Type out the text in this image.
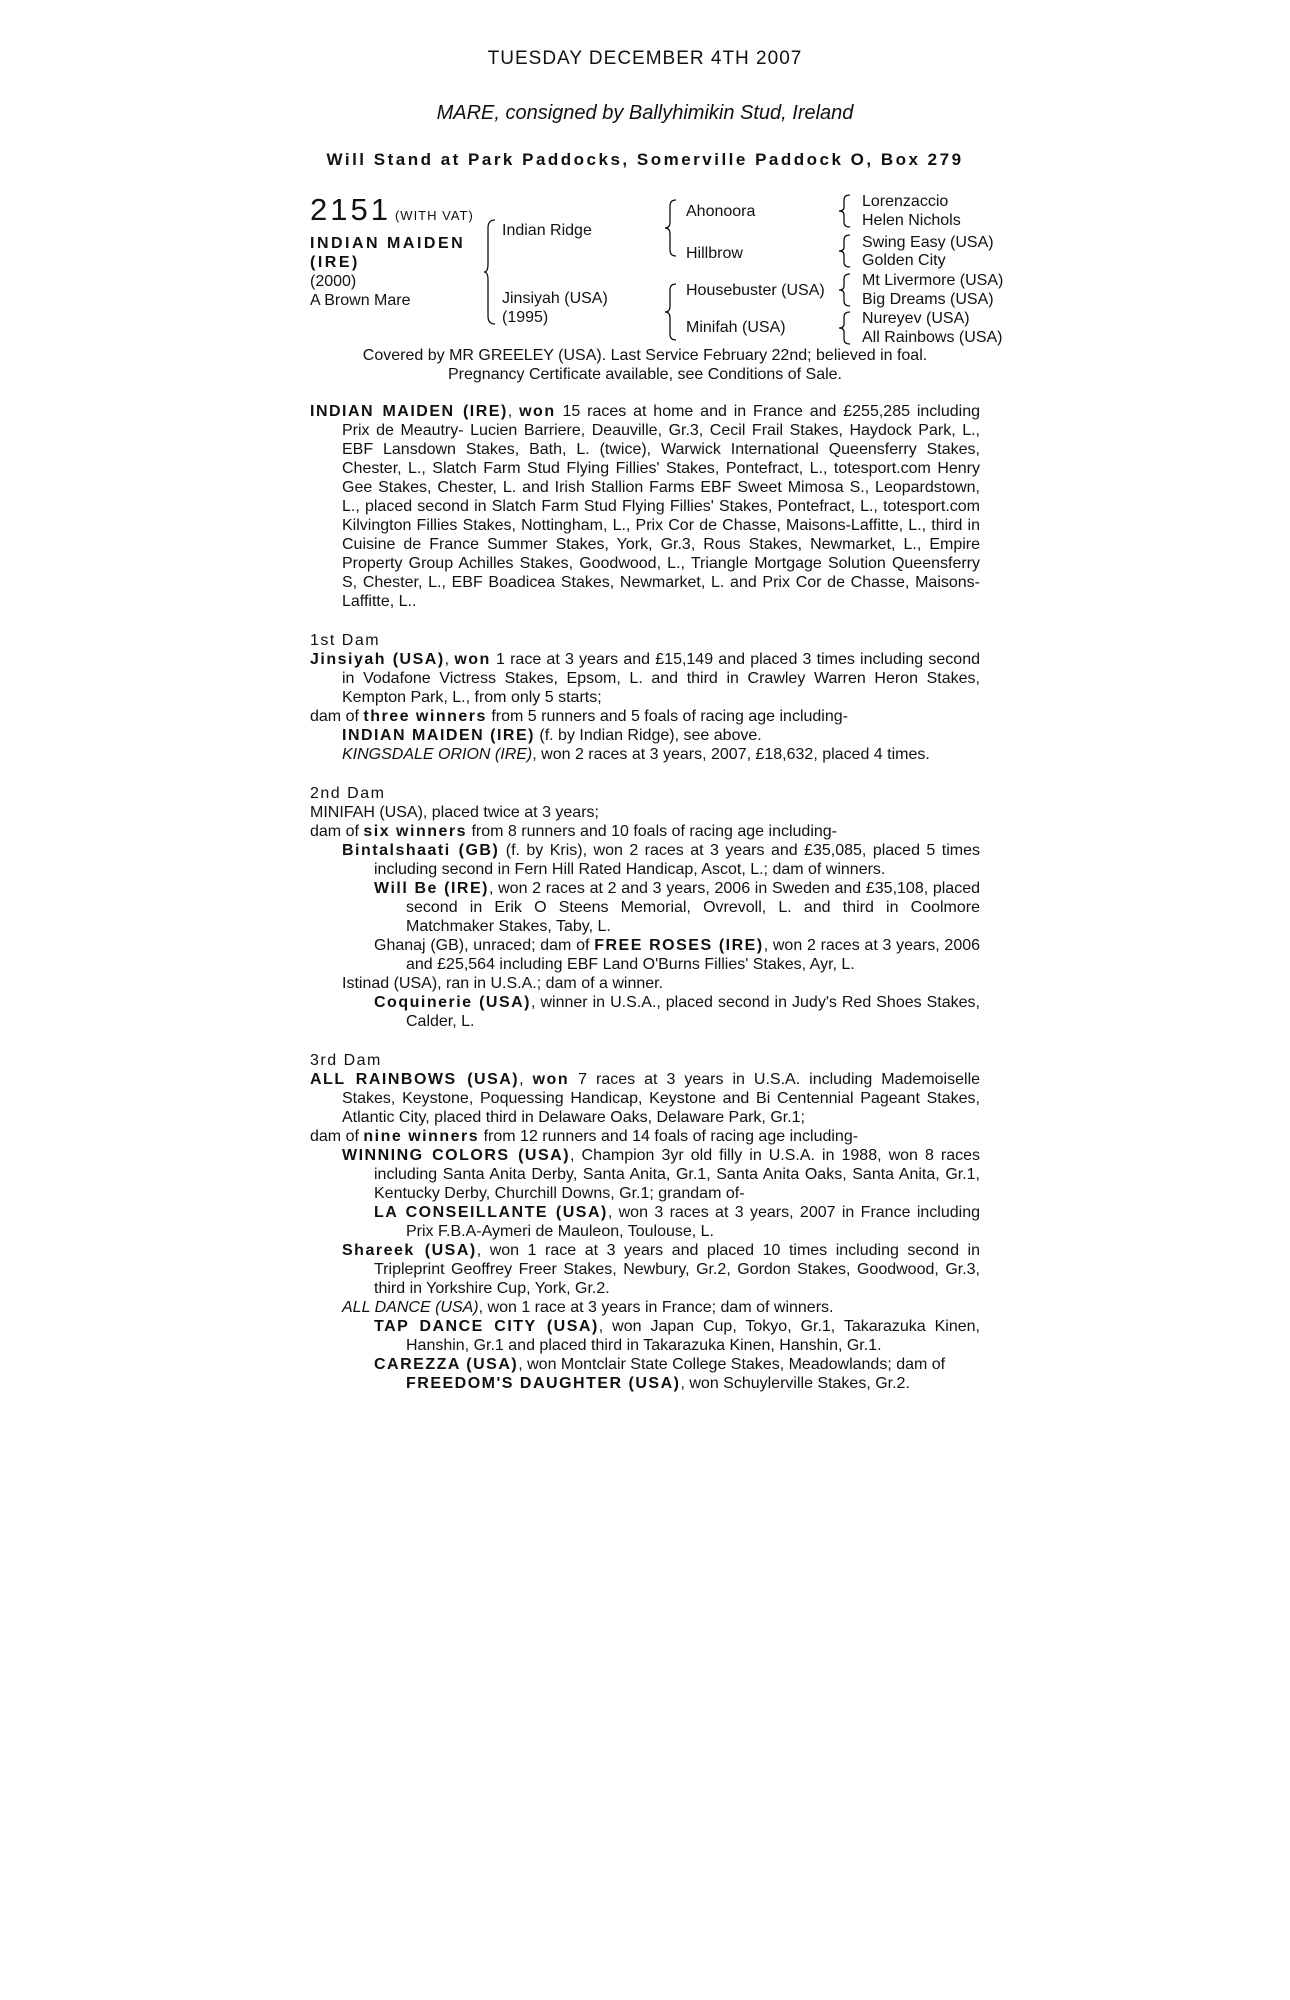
TUESDAY DECEMBER 4TH 2007
MARE, consigned by Ballyhimikin Stud, Ireland
Will Stand at Park Paddocks, Somerville Paddock O, Box 279
2151 (WITH VAT)
INDIAN MAIDEN
(IRE)
(2000)
A Brown Mare
Indian Ridge
Jinsiyah (USA)
(1995)
Ahonoora
Hillbrow
Housebuster (USA)
Minifah (USA)
Lorenzaccio
Helen Nichols
Swing Easy (USA)
Golden City
Mt Livermore (USA)
Big Dreams (USA)
Nureyev (USA)
All Rainbows (USA)
Covered by MR GREELEY (USA). Last Service February 22nd; believed in foal.
Pregnancy Certificate available, see Conditions of Sale.

INDIAN MAIDEN (IRE), won 15 races at home and in France and £255,285 including Prix de Meautry- Lucien Barriere, Deauville, Gr.3, Cecil Frail Stakes, Haydock Park, L., EBF Lansdown Stakes, Bath, L. (twice), Warwick International Queensferry Stakes, Chester, L., Slatch Farm Stud Flying Fillies' Stakes, Pontefract, L., totesport.com Henry Gee Stakes, Chester, L. and Irish Stallion Farms EBF Sweet Mimosa S., Leopardstown, L., placed second in Slatch Farm Stud Flying Fillies' Stakes, Pontefract, L., totesport.com Kilvington Fillies Stakes, Nottingham, L., Prix Cor de Chasse, Maisons-Laffitte, L., third in Cuisine de France Summer Stakes, York, Gr.3, Rous Stakes, Newmarket, L., Empire Property Group Achilles Stakes, Goodwood, L., Triangle Mortgage Solution Queensferry S, Chester, L., EBF Boadicea Stakes, Newmarket, L. and Prix Cor de Chasse, Maisons-Laffitte, L..

1st Dam

Jinsiyah (USA), won 1 race at 3 years and £15,149 and placed 3 times including second in Vodafone Victress Stakes, Epsom, L. and third in Crawley Warren Heron Stakes, Kempton Park, L., from only 5 starts;

dam of three winners from 5 runners and 5 foals of racing age including-

INDIAN MAIDEN (IRE) (f. by Indian Ridge), see above.

KINGSDALE ORION (IRE), won 2 races at 3 years, 2007, £18,632, placed 4 times.

2nd Dam

MINIFAH (USA), placed twice at 3 years;

dam of six winners from 8 runners and 10 foals of racing age including-

Bintalshaati (GB) (f. by Kris), won 2 races at 3 years and £35,085, placed 5 times including second in Fern Hill Rated Handicap, Ascot, L.; dam of winners.

Will Be (IRE), won 2 races at 2 and 3 years, 2006 in Sweden and £35,108, placed second in Erik O Steens Memorial, Ovrevoll, L. and third in Coolmore Matchmaker Stakes, Taby, L.

Ghanaj (GB), unraced; dam of FREE ROSES (IRE), won 2 races at 3 years, 2006 and £25,564 including EBF Land O'Burns Fillies' Stakes, Ayr, L.

Istinad (USA), ran in U.S.A.; dam of a winner.

Coquinerie (USA), winner in U.S.A., placed second in Judy's Red Shoes Stakes, Calder, L.

3rd Dam

ALL RAINBOWS (USA), won 7 races at 3 years in U.S.A. including Mademoiselle Stakes, Keystone, Poquessing Handicap, Keystone and Bi Centennial Pageant Stakes, Atlantic City, placed third in Delaware Oaks, Delaware Park, Gr.1;

dam of nine winners from 12 runners and 14 foals of racing age including-

WINNING COLORS (USA), Champion 3yr old filly in U.S.A. in 1988, won 8 races including Santa Anita Derby, Santa Anita, Gr.1, Santa Anita Oaks, Santa Anita, Gr.1, Kentucky Derby, Churchill Downs, Gr.1; grandam of-

LA CONSEILLANTE (USA), won 3 races at 3 years, 2007 in France including Prix F.B.A-Aymeri de Mauleon, Toulouse, L.

Shareek (USA), won 1 race at 3 years and placed 10 times including second in Tripleprint Geoffrey Freer Stakes, Newbury, Gr.2, Gordon Stakes, Goodwood, Gr.3, third in Yorkshire Cup, York, Gr.2.

ALL DANCE (USA), won 1 race at 3 years in France; dam of winners.

TAP DANCE CITY (USA), won Japan Cup, Tokyo, Gr.1, Takarazuka Kinen, Hanshin, Gr.1 and placed third in Takarazuka Kinen, Hanshin, Gr.1.

CAREZZA (USA), won Montclair State College Stakes, Meadowlands; dam of

FREEDOM'S DAUGHTER (USA), won Schuylerville Stakes, Gr.2.
